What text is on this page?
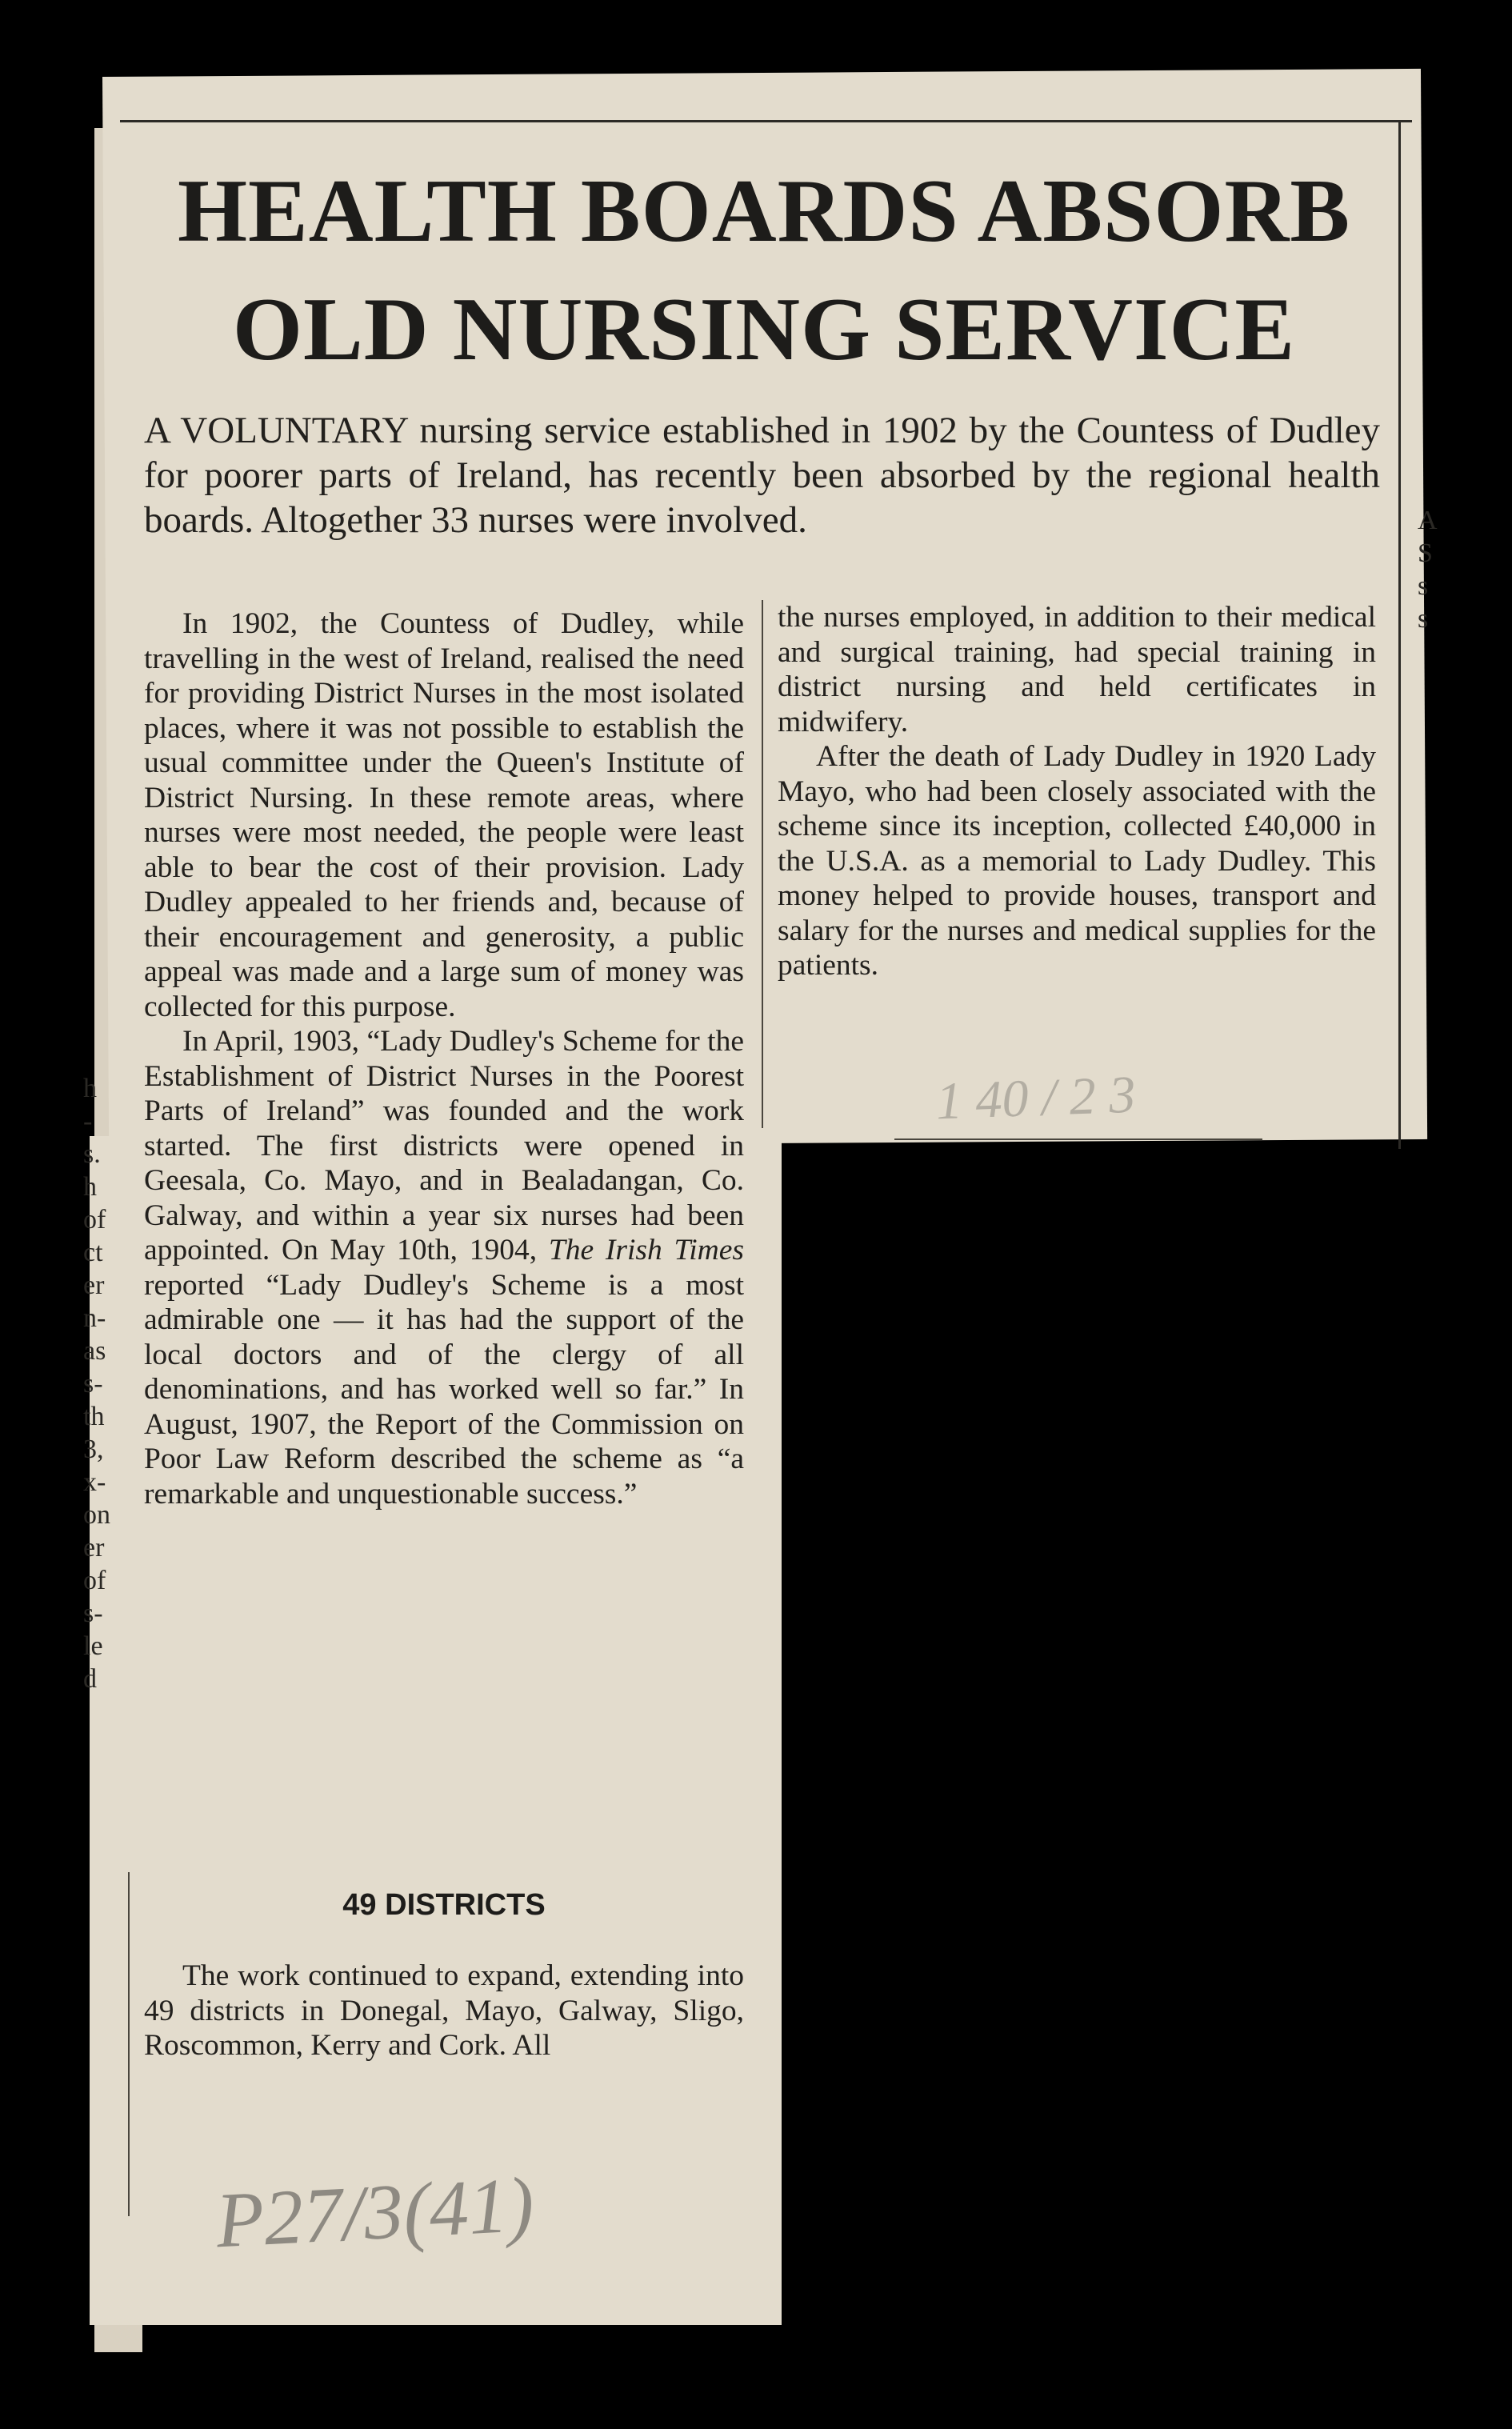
HEALTH BOARDS ABSORB
OLD NURSING SERVICE
A VOLUNTARY nursing service established in 1902 by the Countess of Dudley for poorer parts of Ireland, has recently been absorbed by the regional health boards. Altogether 33 nurses were involved.

In 1902, the Countess of Dudley, while travelling in the west of Ireland, realised the need for providing District Nurses in the most isolated places, where it was not possible to establish the usual committee under the Queen's Institute of District Nursing. In these remote areas, where nurses were most needed, the people were least able to bear the cost of their provision. Lady Dudley appealed to her friends and, because of their encouragement and generosity, a public appeal was made and a large sum of money was collected for this purpose.

In April, 1903, “Lady Dudley's Scheme for the Establishment of District Nurses in the Poorest Parts of Ireland” was founded and the work started. The first districts were opened in Geesala, Co. Mayo, and in Bealadangan, Co. Galway, and within a year six nurses had been appointed. On May 10th, 1904, The Irish Times reported “Lady Dudley's Scheme is a most admirable one — it has had the support of the local doctors and of the clergy of all denominations, and has worked well so far.” In August, 1907, the Report of the Commission on Poor Law Reform described the scheme as “a remarkable and unquestionable success.”

49 DISTRICTS

The work continued to expand, extending into 49 districts in Donegal, Mayo, Galway, Sligo, Roscommon, Kerry and Cork. All

the nurses employed, in addition to their medical and surgical training, had special training in district nursing and held certificates in midwifery.

After the death of Lady Dudley in 1920 Lady Mayo, who had been closely associated with the scheme since its inception, collected £40,000 in the U.S.A. as a memorial to Lady Dudley. This money helped to provide houses, transport and salary for the nurses and medical supplies for the patients.

h
-
s.
h
of
ct
er
n-
as
s-
th
3,
x-
on
er
of
s-
le
d
A
S
s
s
1 40 / 2 3
P27/3(41)
